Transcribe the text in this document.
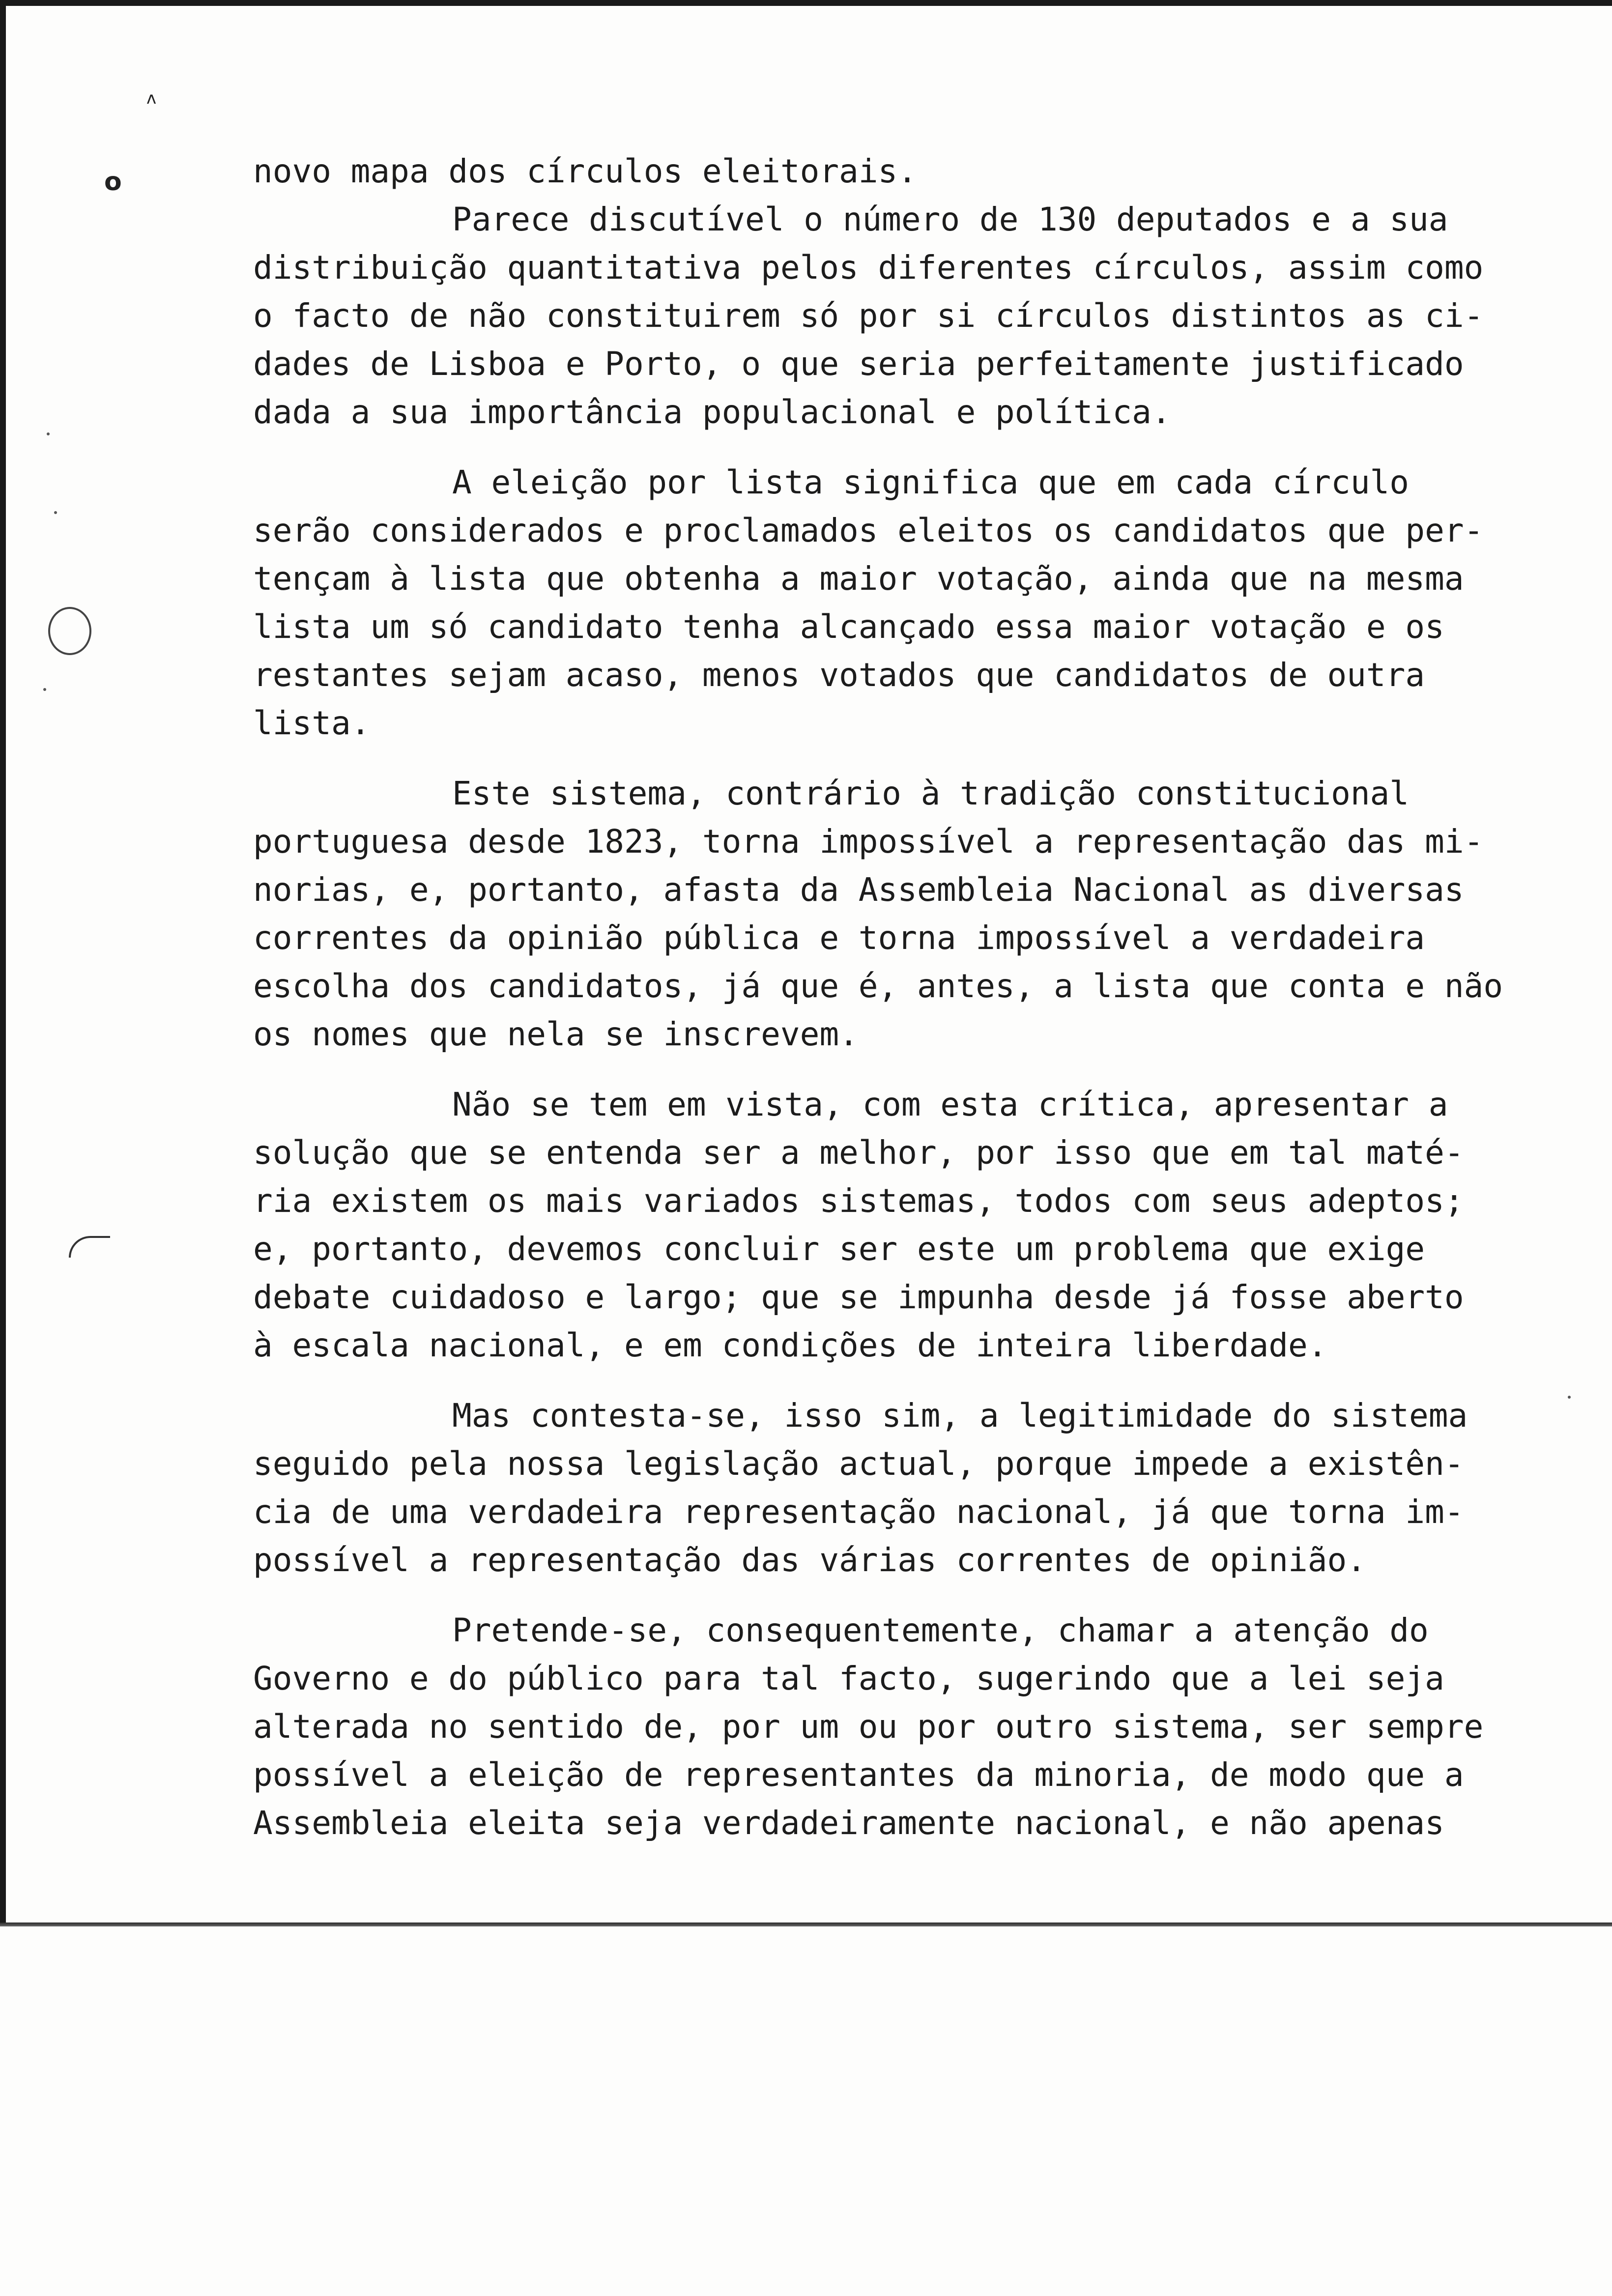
ʌ
o	novo mapa dos círculos eleitorais.
Parece discutível o número de 130 deputados e a sua
distribuição quantitativa pelos diferentes círculos, assim como
o facto de não constituirem só por si círculos distintos as ci-
dades de Lisboa e Porto, o que seria perfeitamente justificado
dada a sua importância populacional e política.
A eleição por lista significa que em cada círculo
serão considerados e proclamados eleitos os candidatos que per-
tençam à lista que obtenha a maior votação, ainda que na mesma
lista um só candidato tenha alcançado essa maior votação e os
restantes sejam acaso, menos votados que candidatos de outra
lista.
Este sistema, contrário à tradição constitucional
portuguesa desde 1823, torna impossível a representação das mi-
norias, e, portanto, afasta da Assembleia Nacional as diversas
correntes da opinião pública e torna impossível a verdadeira
escolha dos candidatos, já que é, antes, a lista que conta e não
os nomes que nela se inscrevem.
Não se tem em vista, com esta crítica, apresentar a
solução que se entenda ser a melhor, por isso que em tal maté-
ria existem os mais variados sistemas, todos com seus adeptos;
e, portanto, devemos concluir ser este um problema que exige
debate cuidadoso e largo; que se impunha desde já fosse aberto
à escala nacional, e em condições de inteira liberdade.
Mas contesta-se, isso sim, a legitimidade do sistema
seguido pela nossa legislação actual, porque impede a existên-
cia de uma verdadeira representação nacional, já que torna im-
possível a representação das várias correntes de opinião.
Pretende-se, consequentemente, chamar a atenção do
Governo e do público para tal facto, sugerindo que a lei seja
alterada no sentido de, por um ou por outro sistema, ser sempre
possível a eleição de representantes da minoria, de modo que a
Assembleia eleita seja verdadeiramente nacional, e não apenas
